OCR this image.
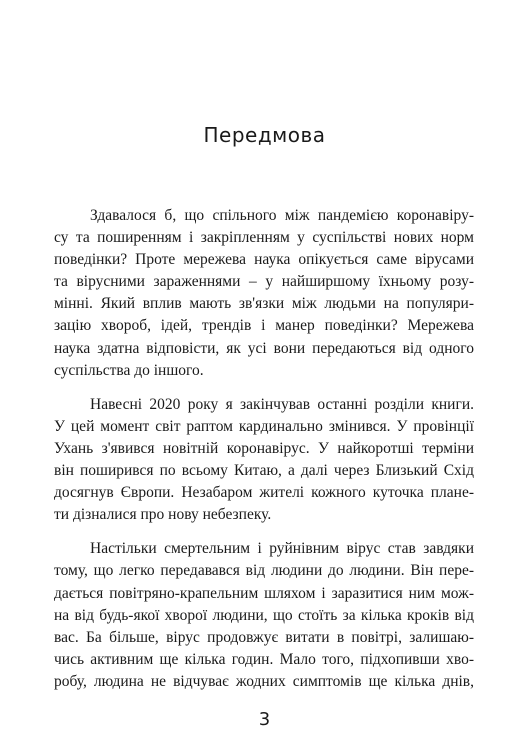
Передмова

Здавалося б, що спільного між пандемією коронавіру-
су та поширенням і закріпленням у суспільстві нових норм
поведінки? Проте мережева наука опікується саме вірусами
та вірусними зараженнями – у найширшому їхньому розу-
мінні. Який вплив мають зв'язки між людьми на популяри-
зацію хвороб, ідей, трендів і манер поведінки? Мережева
наука здатна відповісти, як усі вони передаються від одного
суспільства до іншого.

Навесні 2020 року я закінчував останні розділи книги.
У цей момент світ раптом кардинально змінився. У провінції
Ухань з'явився новітній коронавірус. У найкоротші терміни
він поширився по всьому Китаю, а далі через Близький Схід
досягнув Європи. Незабаром жителі кожного куточка плане-
ти дізналися про нову небезпеку.

Настільки смертельним і руйнівним вірус став завдяки
тому, що легко передавався від людини до людини. Він пере-
дається повітряно-крапельним шляхом і заразитися ним мож-
на від будь-якої хворої людини, що стоїть за кілька кроків від
вас. Ба більше, вірус продовжує витати в повітрі, залишаю-
чись активним ще кілька годин. Мало того, підхопивши хво-
робу, людина не відчуває жодних симптомів ще кілька днів,

3
